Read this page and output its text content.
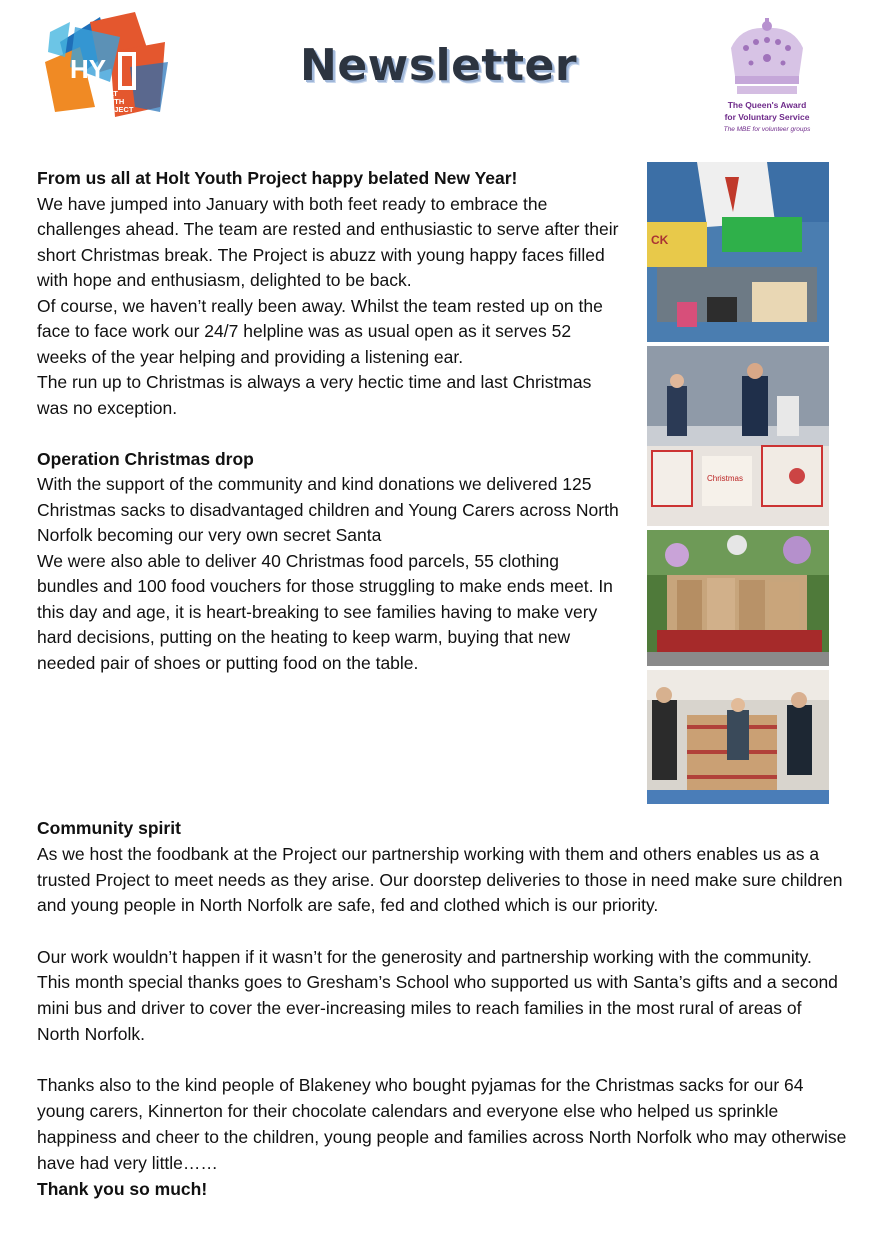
HY
HOLT
YOUTH
PROJECT
Newsletter
The Queen's Award
for Voluntary Service
The MBE for volunteer groups

From us all at Holt Youth Project happy belated New Year!

We have jumped into January with both feet ready to embrace the challenges ahead. The team are rested and enthusiastic to serve after their short Christmas break. The Project is abuzz with young happy faces filled with hope and enthusiasm, delighted to be back.

Of course, we haven’t really been away. Whilst the team rested up on the face to face work our 24/7 helpline was as usual open as it serves 52 weeks of the year helping and providing a listening ear.

The run up to Christmas is always a very hectic time and last Christmas was no exception.

Operation Christmas drop

With the support of the community and kind donations we delivered 125 Christmas sacks to disadvantaged children and Young Carers across North Norfolk becoming our very own secret Santa

We were also able to deliver 40 Christmas food parcels, 55 clothing bundles and 100 food vouchers for those struggling to make ends meet. In this day and age, it is heart-breaking to see families having to make very hard decisions, putting on the heating to keep warm, buying that new needed pair of shoes or putting food on the table.

CK
Christmas

Community spirit

As we host the foodbank at the Project our partnership working with them and others enables us as a trusted Project to meet needs as they arise. Our doorstep deliveries to those in need make sure children and young people in North Norfolk are safe, fed and clothed which is our priority.

Our work wouldn’t happen if it wasn’t for the generosity and partnership working with the community. This month special thanks goes to Gresham’s School who supported us with Santa’s gifts and a second mini bus and driver to cover the ever-increasing miles to reach families in the most rural of areas of North Norfolk.

Thanks also to the kind people of Blakeney who bought pyjamas for the Christmas sacks for our 64 young carers, Kinnerton for their chocolate calendars and everyone else who helped us sprinkle happiness and cheer to the children, young people and families across North Norfolk who may otherwise have had very little……

Thank you so much!
